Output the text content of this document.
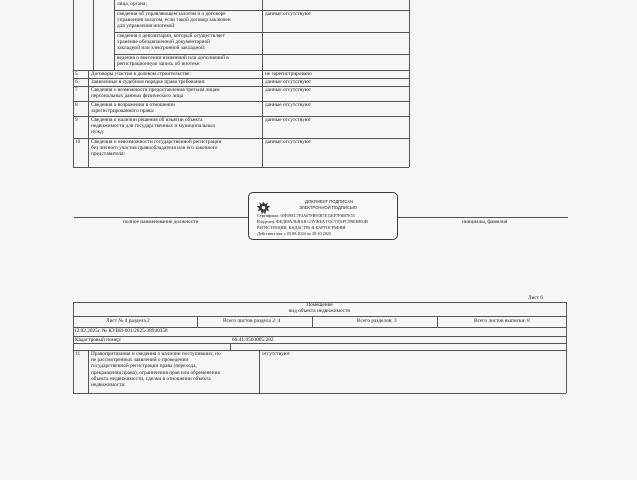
лица, органа;
сведения об управляющем залогом и о договоре
управления залогом, если такой договор заключен
для управления ипотекой:
данные отсутствуют
сведения о депозитарии, который осуществляет
хранение обездвиженной документарной
закладной или электронной закладной:
ведения о внесении изменений или дополнений в
регистрационную запись об ипотеке:
5	Договоры участия в долевом строительстве:	не зарегистрировано
6	Заявленные в судебном порядке права требования:	данные отсутствуют
7	Сведения о возможности предоставления третьим лицам
персональных данных физического лица
данные отсутствуют
8	Сведения о возражении в отношении
зарегистрированного права:
данные отсутствуют
9	Сведения о наличии решения об изъятии объекта
недвижимости для государственных и муниципальных
нужд:
данные отсутствуют
10	Сведения о невозможности государственной регистрации
без личного участия правообладателя или его законного
представителя:
данные отсутствуют
полное наименование должности	инициалы, фамилия
ДОКУМЕНТ ПОДПИСАН
ЭЛЕКТРОННОЙ ПОДПИСЬЮ
Сертификат: 00F59EC7F4A07FB93B7E11EF7FBB7E55
Владелец: ФЕДЕРАЛЬНАЯ СЛУЖБА ГОСУДАРСТВЕННОЙ
РЕГИСТРАЦИИ, КАДАСТРА И КАРТОГРАФИИ
Действителен: с 05.08.2024 по 29.10.2025
Лист 6
Помещение
вид объекта недвижимости
Лист № 4 раздела 2	Всего листов раздела 2: 4	Всего разделов: 3	Всего листов выписки: 8
12.02.2025г. № КУВИ-001/2025-38940358
Кадастровый номер:	66:41:0503005:282
11	Правопритязания и сведения о наличии поступивших, но
не рассмотренных заявлений о проведении
государственной регистрации права (перехода,
прекращения права), ограничения прав или обременения
объекта недвижимости, сделки в отношении объекта
недвижимости:
отсутствуют
